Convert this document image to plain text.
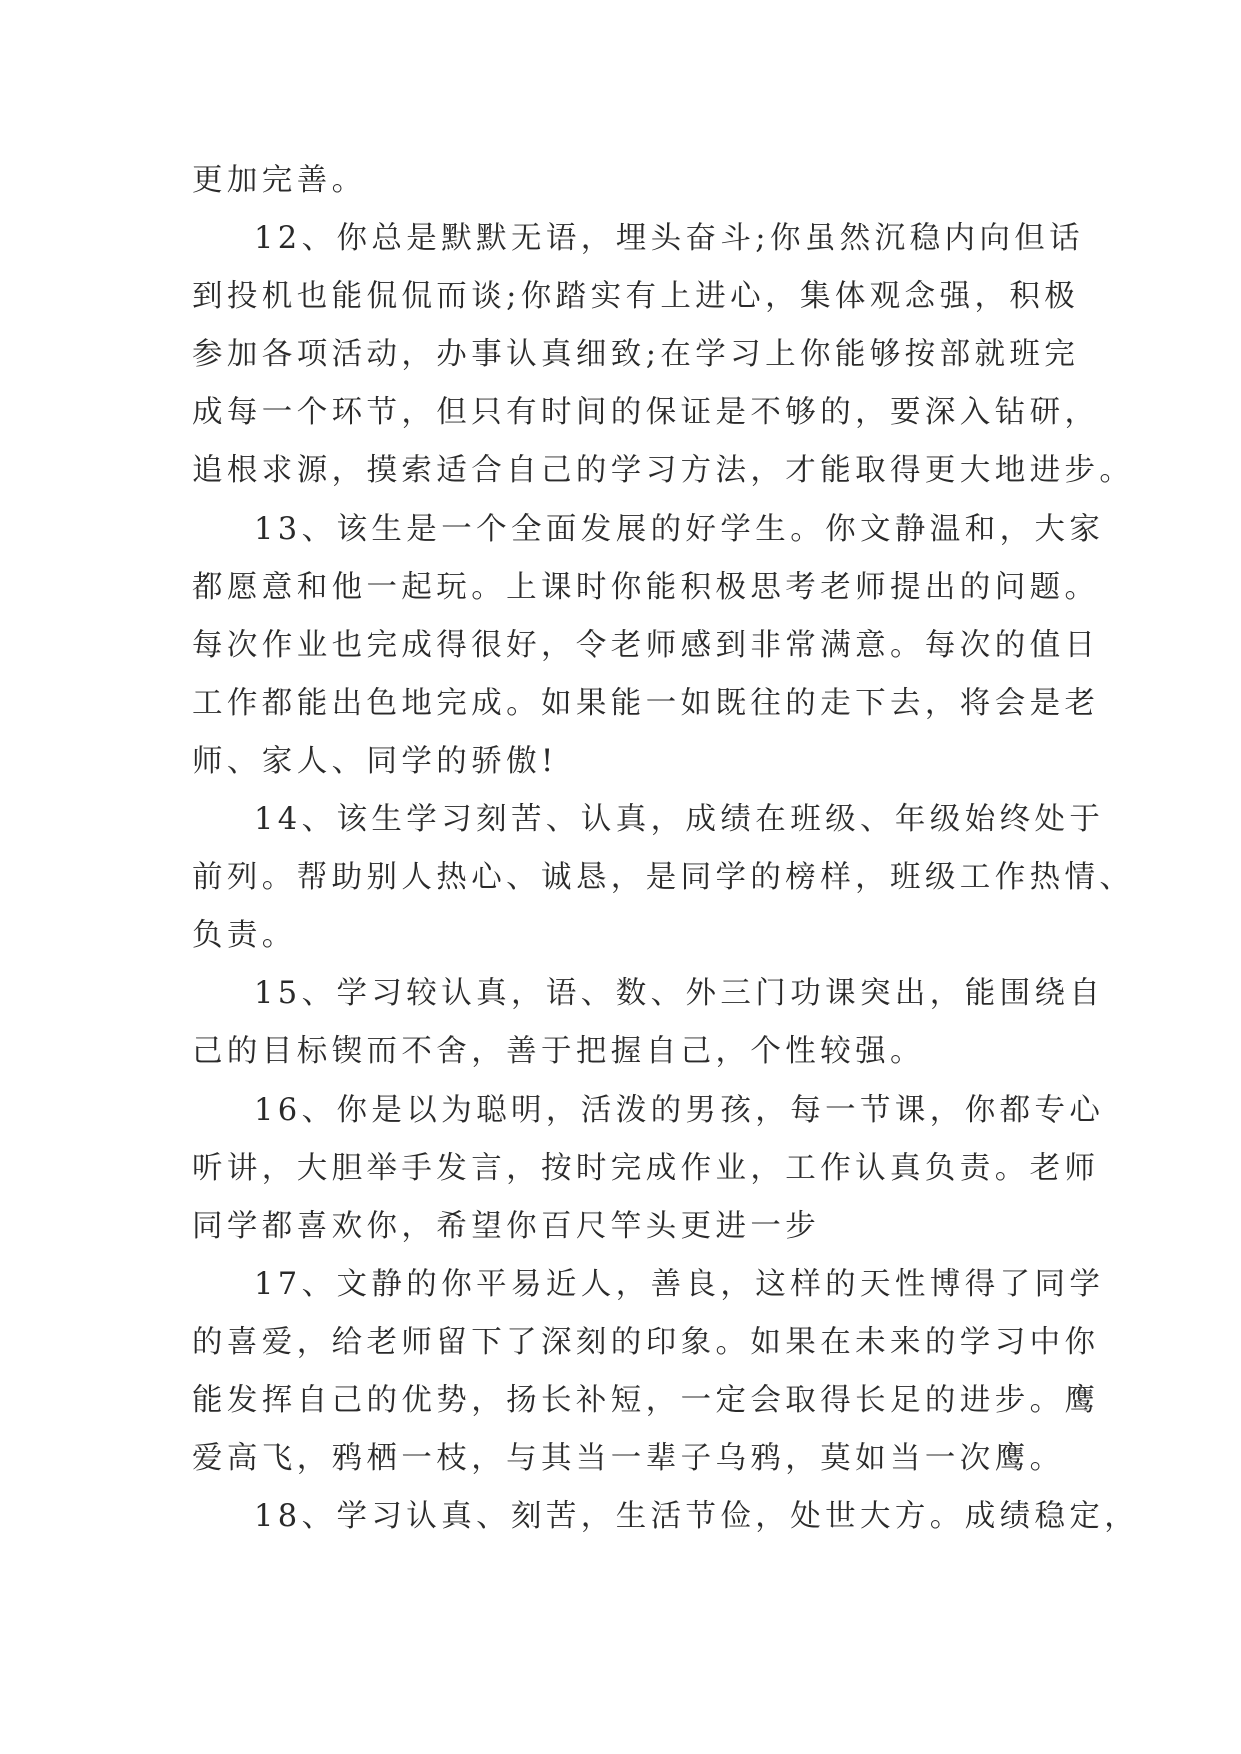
更加完善。
12、你总是默默无语，埋头奋斗;你虽然沉稳内向但话
到投机也能侃侃而谈;你踏实有上进心，集体观念强，积极
参加各项活动，办事认真细致;在学习上你能够按部就班完
成每一个环节，但只有时间的保证是不够的，要深入钻研，
追根求源，摸索适合自己的学习方法，才能取得更大地进步。
13、该生是一个全面发展的好学生。你文静温和，大家
都愿意和他一起玩。上课时你能积极思考老师提出的问题。
每次作业也完成得很好，令老师感到非常满意。每次的值日
工作都能出色地完成。如果能一如既往的走下去，将会是老
师、家人、同学的骄傲!
14、该生学习刻苦、认真，成绩在班级、年级始终处于
前列。帮助别人热心、诚恳，是同学的榜样，班级工作热情、
负责。
15、学习较认真，语、数、外三门功课突出，能围绕自
己的目标锲而不舍，善于把握自己，个性较强。
16、你是以为聪明，活泼的男孩，每一节课，你都专心
听讲，大胆举手发言，按时完成作业，工作认真负责。老师
同学都喜欢你，希望你百尺竿头更进一步
17、文静的你平易近人，善良，这样的天性博得了同学
的喜爱，给老师留下了深刻的印象。如果在未来的学习中你
能发挥自己的优势，扬长补短，一定会取得长足的进步。鹰
爱高飞，鸦栖一枝，与其当一辈子乌鸦，莫如当一次鹰。
18、学习认真、刻苦，生活节俭，处世大方。成绩稳定，
